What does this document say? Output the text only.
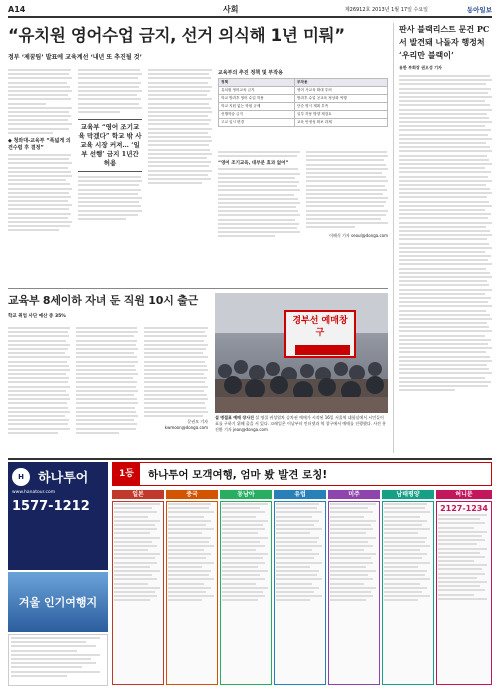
A14	사회	제26912호 2013년 1월 17일 수요일	동아일보
“유치원 영어수업 금지, 선거 의식해 1년 미뤄”
정부 ‘제꿈팀’ 발표에 교육계선 ‘내년 또 추진될 것’
◆ 청와대-교육부 “폭넓게 의견수렴 후 결정”
교육부 “영어 조기교육 막겠다” 학교 밖 사교육 시장 커져… ‘일부 선행’ 금지 1년간 허용
교육부의 추진 정책 및 부작용
정책	부작용
유치원 영어교육 금지	영어 사교육 확대 우려
학교 방과후 영어 수업 허용	방과후 수업 공교육 정상화 역행
학교 지원 없는 학원 규제	단순 명시 계획 부족
선행학습 금지	일부 허용 방향 재검토
고교 입시 변경	교육 안정성 확보 과제
“영어 조기교육, 대부분 효과 없어”
이해식 기자 seoul@donga.com
판사 블랙리스트 문건 PC서 발견돼 나돌자 행정처 ‘우리만 블랙이’
유한 부회장 권오성 기자
교육부 8세이하 자녀 둔 직원 10시 출근
학교 취업 사단 예산 중 35%
문권모 기자 kwmoon@donga.com
경부선 예매창구
설 명절표 예매 장사진 설 명절 귀성열차 승차권 예매가 시작된 16일 서울역 대합실에서 시민들이 표를 구하기 위해 줄을 서 있다. 코레일은 이날부터 인터넷과 역 창구에서 예매를 진행했다. 사진 홍진환 기자 jean@donga.com
H 하나투어
www.hanatour.com
1577-1212
겨울 인기여행지
1등	하나투어 모객여행, 엄마 봤 발견 로칭!
일본	중국	동남아	유럽	미주	남태평양	허니문
2127-1234
